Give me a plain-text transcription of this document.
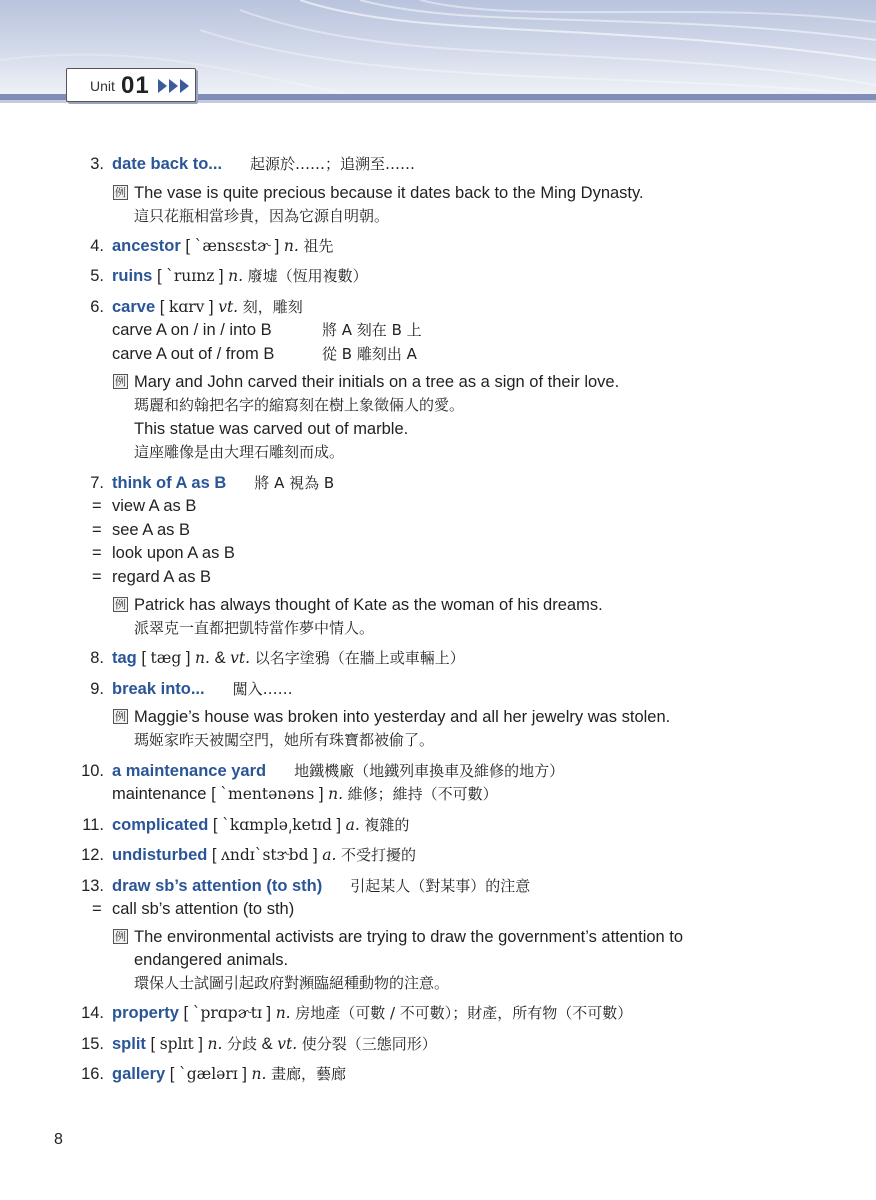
Unit 01
3. date back to... 起源於……；追溯至……
例 The vase is quite precious because it dates back to the Ming Dynasty.
這只花瓶相當珍貴，因為它源自明朝。
4. ancestor [ ˋænsɛstɚ ] n. 祖先
5. ruins [ ˋruɪnz ] n. 廢墟（恆用複數）
6. carve [ kɑrv ] vt. 刻，雕刻
carve A on / in / into B	將 A 刻在 B 上
carve A out of / from B	從 B 雕刻出 A
例 Mary and John carved their initials on a tree as a sign of their love.
瑪麗和約翰把名字的縮寫刻在樹上象徵倆人的愛。
This statue was carved out of marble.
這座雕像是由大理石雕刻而成。
7. think of A as B 將 A 視為 B
= view A as B
= see A as B
= look upon A as B
= regard A as B
例 Patrick has always thought of Kate as the woman of his dreams.
派翠克一直都把凱特當作夢中情人。
8. tag [ tæg ] n. & vt. 以名字塗鴉（在牆上或車輛上）
9. break into... 闖入……
例 Maggie’s house was broken into yesterday and all her jewelry was stolen.
瑪姬家昨天被闖空門，她所有珠寶都被偷了。
10. a maintenance yard 地鐵機廠（地鐵列車換車及維修的地方）
maintenance [ ˋmentənəns ] n. 維修；維持（不可數）
11. complicated [ ˋkɑmplə͵ketɪd ] a. 複雜的
12. undisturbed [ ʌndɪˋstɝbd ] a. 不受打擾的
13. draw sb’s attention (to sth) 引起某人（對某事）的注意
= call sb’s attention (to sth)
例 The environmental activists are trying to draw the government’s attention to
endangered animals.
環保人士試圖引起政府對瀕臨絕種動物的注意。
14. property [ ˋprɑpɚtɪ ] n. 房地產（可數 / 不可數）；財產，所有物（不可數）
15. split [ splɪt ] n. 分歧 & vt. 使分裂（三態同形）
16. gallery [ ˋgælərɪ ] n. 畫廊，藝廊
8
